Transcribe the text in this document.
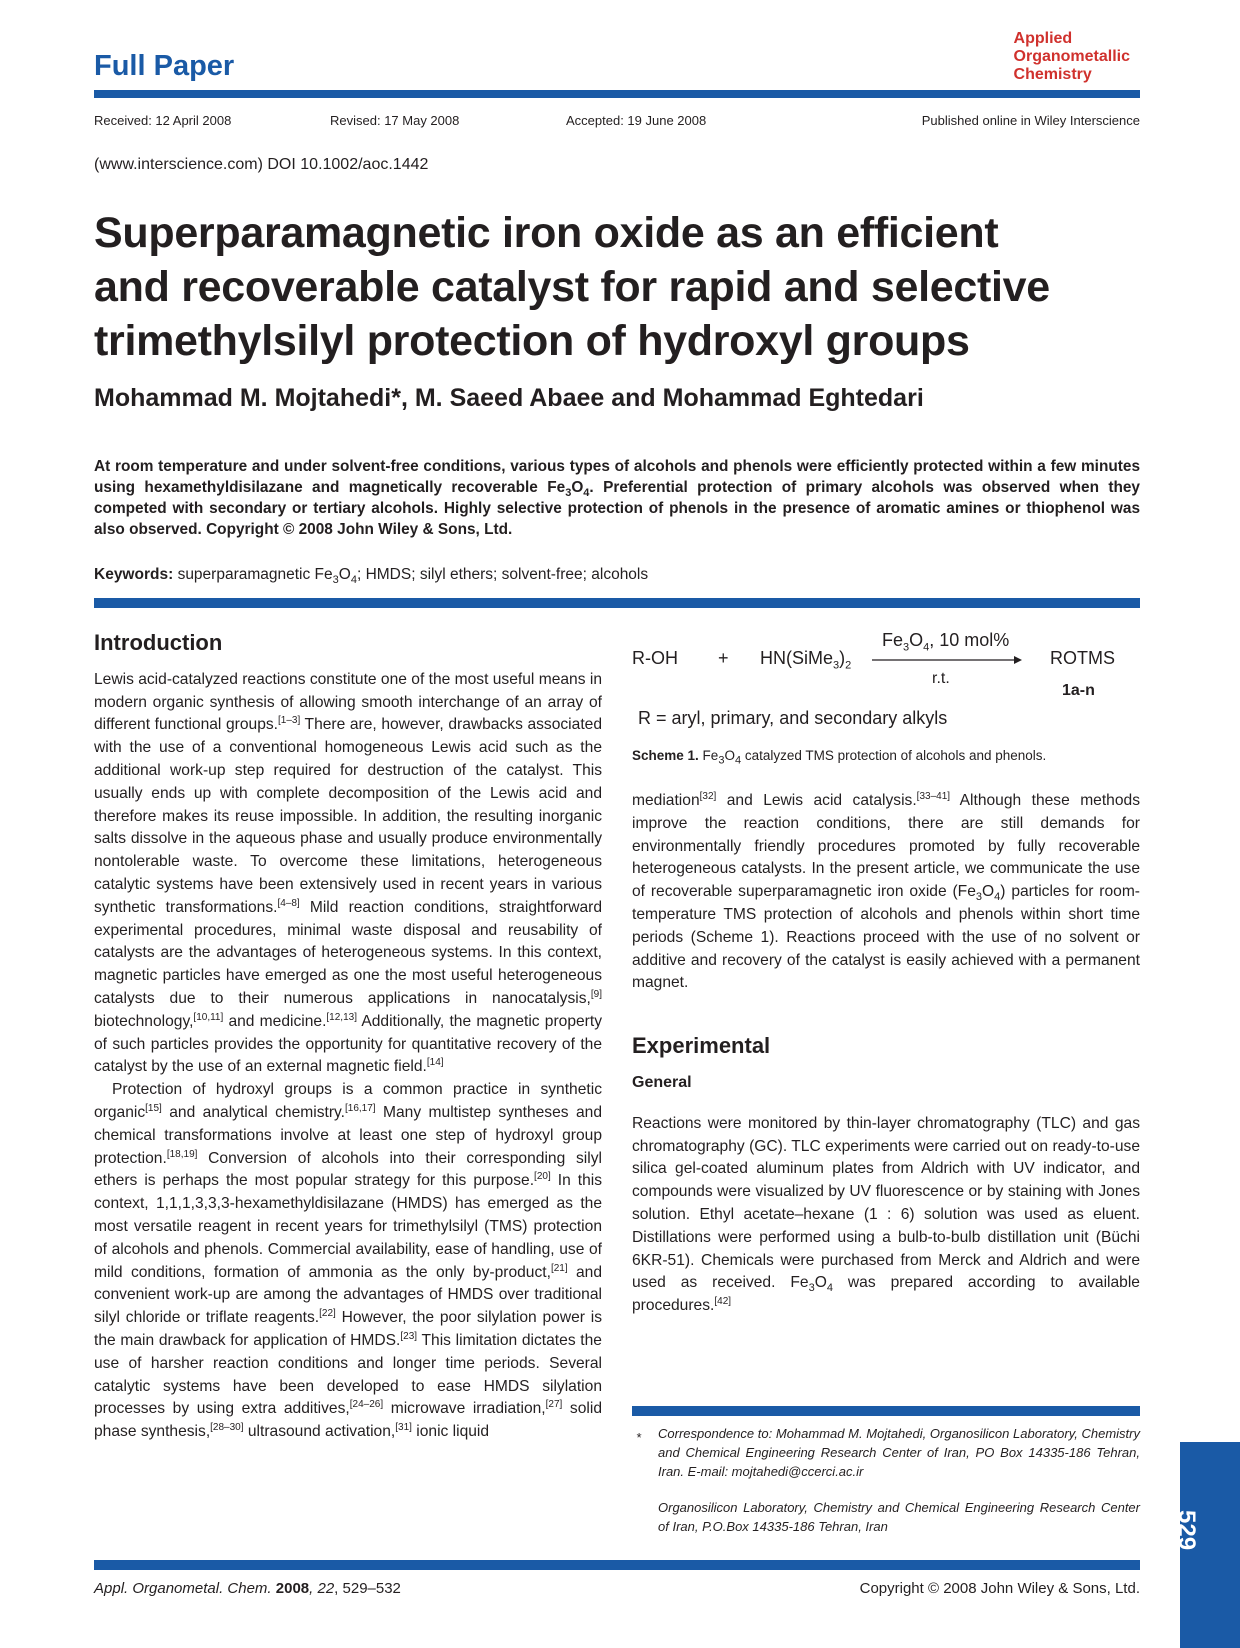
Full Paper
Applied
Organometallic
Chemistry
Received: 12 April 2008	Revised: 17 May 2008	Accepted: 19 June 2008	Published online in Wiley Interscience
(www.interscience.com) DOI 10.1002/aoc.1442
Superparamagnetic iron oxide as an efficient
and recoverable catalyst for rapid and selective
trimethylsilyl protection of hydroxyl groups
Mohammad M. Mojtahedi*, M. Saeed Abaee and Mohammad Eghtedari
At room temperature and under solvent-free conditions, various types of alcohols and phenols were efficiently protected within a few minutes using hexamethyldisilazane and magnetically recoverable $Fe_3O_4$. Preferential protection of primary alcohols was observed when they competed with secondary or tertiary alcohols. Highly selective protection of phenols in the presence of aromatic amines or thiophenol was also observed. Copyright © 2008 John Wiley & Sons, Ltd.
Keywords: superparamagnetic $Fe_3O_4$; HMDS; silyl ethers; solvent-free; alcohols
Introduction
Lewis acid-catalyzed reactions constitute one of the most useful means in modern organic synthesis of allowing smooth interchange of an array of different functional groups.[1–3] There are, however, drawbacks associated with the use of a conventional homogeneous Lewis acid such as the additional work-up step required for destruction of the catalyst. This usually ends up with complete decomposition of the Lewis acid and therefore makes its reuse impossible. In addition, the resulting inorganic salts dissolve in the aqueous phase and usually produce environmentally nontolerable waste. To overcome these limitations, heterogeneous catalytic systems have been extensively used in recent years in various synthetic transformations.[4–8] Mild reaction conditions, straightforward experimental procedures, minimal waste disposal and reusability of catalysts are the advantages of heterogeneous systems. In this context, magnetic particles have emerged as one the most useful heterogeneous catalysts due to their numerous applications in nanocatalysis,[9] biotechnology,[10,11] and medicine.[12,13] Additionally, the magnetic property of such particles provides the opportunity for quantitative recovery of the catalyst by the use of an external magnetic field.[14]
Protection of hydroxyl groups is a common practice in synthetic organic[15] and analytical chemistry.[16,17] Many multistep syntheses and chemical transformations involve at least one step of hydroxyl group protection.[18,19] Conversion of alcohols into their corresponding silyl ethers is perhaps the most popular strategy for this purpose.[20] In this context, 1,1,1,3,3,3-hexamethyldisilazane (HMDS) has emerged as the most versatile reagent in recent years for trimethylsilyl (TMS) protection of alcohols and phenols. Commercial availability, ease of handling, use of mild conditions, formation of ammonia as the only by-product,[21] and convenient work-up are among the advantages of HMDS over traditional silyl chloride or triflate reagents.[22] However, the poor silylation power is the main drawback for application of HMDS.[23] This limitation dictates the use of harsher reaction conditions and longer time periods. Several catalytic systems have been developed to ease HMDS silylation processes by using extra additives,[24–26] microwave irradiation,[27] solid phase synthesis,[28–30] ultrasound activation,[31] ionic liquid
$R-OH + HN(SiMe_3)_2$
$Fe_3O_4$, 10 mol%
r.t.
ROTMS
1a-n
R = aryl, primary, and secondary alkyls
Scheme 1. $Fe_3O_4$ catalyzed TMS protection of alcohols and phenols.
mediation[32] and Lewis acid catalysis.[33–41] Although these methods improve the reaction conditions, there are still demands for environmentally friendly procedures promoted by fully recoverable heterogeneous catalysts. In the present article, we communicate the use of recoverable superparamagnetic iron oxide $(Fe_3O_4)$ particles for room-temperature TMS protection of alcohols and phenols within short time periods (Scheme 1). Reactions proceed with the use of no solvent or additive and recovery of the catalyst is easily achieved with a permanent magnet.
Experimental
General
Reactions were monitored by thin-layer chromatography (TLC) and gas chromatography (GC). TLC experiments were carried out on ready-to-use silica gel-coated aluminum plates from Aldrich with UV indicator, and compounds were visualized by UV fluorescence or by staining with Jones solution. Ethyl acetate–hexane (1 : 6) solution was used as eluent. Distillations were performed using a bulb-to-bulb distillation unit (Büchi 6KR-51). Chemicals were purchased from Merck and Aldrich and were used as received. $Fe_3O_4$ was prepared according to available procedures.[42]
* Correspondence to: Mohammad M. Mojtahedi, Organosilicon Laboratory, Chemistry and Chemical Engineering Research Center of Iran, PO Box 14335-186 Tehran, Iran. E-mail: mojtahedi@ccerci.ac.ir
Organosilicon Laboratory, Chemistry and Chemical Engineering Research Center of Iran, P.O.Box 14335-186 Tehran, Iran	529
Appl. Organometal. Chem. 2008, 22, 529–532	Copyright © 2008 John Wiley & Sons, Ltd.
